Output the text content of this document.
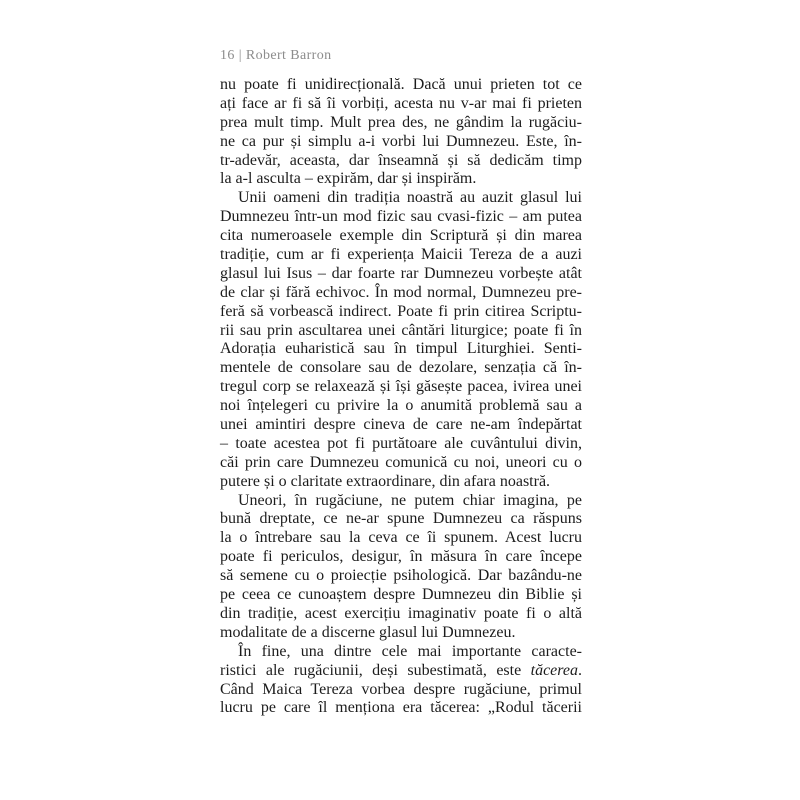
16 | Robert Barron
nu poate fi unidirecțională. Dacă unui prieten tot ce
ați face ar fi să îi vorbiți, acesta nu v-ar mai fi prieten
prea mult timp. Mult prea des, ne gândim la rugăciu-
ne ca pur și simplu a-i vorbi lui Dumnezeu. Este, în-
tr-adevăr, aceasta, dar înseamnă și să dedicăm timp
la a-l asculta – expirăm, dar și inspirăm.
Unii oameni din tradiția noastră au auzit glasul lui
Dumnezeu într-un mod fizic sau cvasi-fizic – am putea
cita numeroasele exemple din Scriptură și din marea
tradiție, cum ar fi experiența Maicii Tereza de a auzi
glasul lui Isus – dar foarte rar Dumnezeu vorbește atât
de clar și fără echivoc. În mod normal, Dumnezeu pre-
feră să vorbească indirect. Poate fi prin citirea Scriptu-
rii sau prin ascultarea unei cântări liturgice; poate fi în
Adorația euharistică sau în timpul Liturghiei. Senti-
mentele de consolare sau de dezolare, senzația că în-
tregul corp se relaxează și își găsește pacea, ivirea unei
noi înțelegeri cu privire la o anumită problemă sau a
unei amintiri despre cineva de care ne-am îndepărtat
– toate acestea pot fi purtătoare ale cuvântului divin,
căi prin care Dumnezeu comunică cu noi, uneori cu o
putere și o claritate extraordinare, din afara noastră.
Uneori, în rugăciune, ne putem chiar imagina, pe
bună dreptate, ce ne-ar spune Dumnezeu ca răspuns
la o întrebare sau la ceva ce îi spunem. Acest lucru
poate fi periculos, desigur, în măsura în care începe
să semene cu o proiecție psihologică. Dar bazându-ne
pe ceea ce cunoaștem despre Dumnezeu din Biblie și
din tradiție, acest exercițiu imaginativ poate fi o altă
modalitate de a discerne glasul lui Dumnezeu.
În fine, una dintre cele mai importante caracte-
ristici ale rugăciunii, deși subestimată, este tăcerea.
Când Maica Tereza vorbea despre rugăciune, primul
lucru pe care îl menționa era tăcerea: „Rodul tăcerii
